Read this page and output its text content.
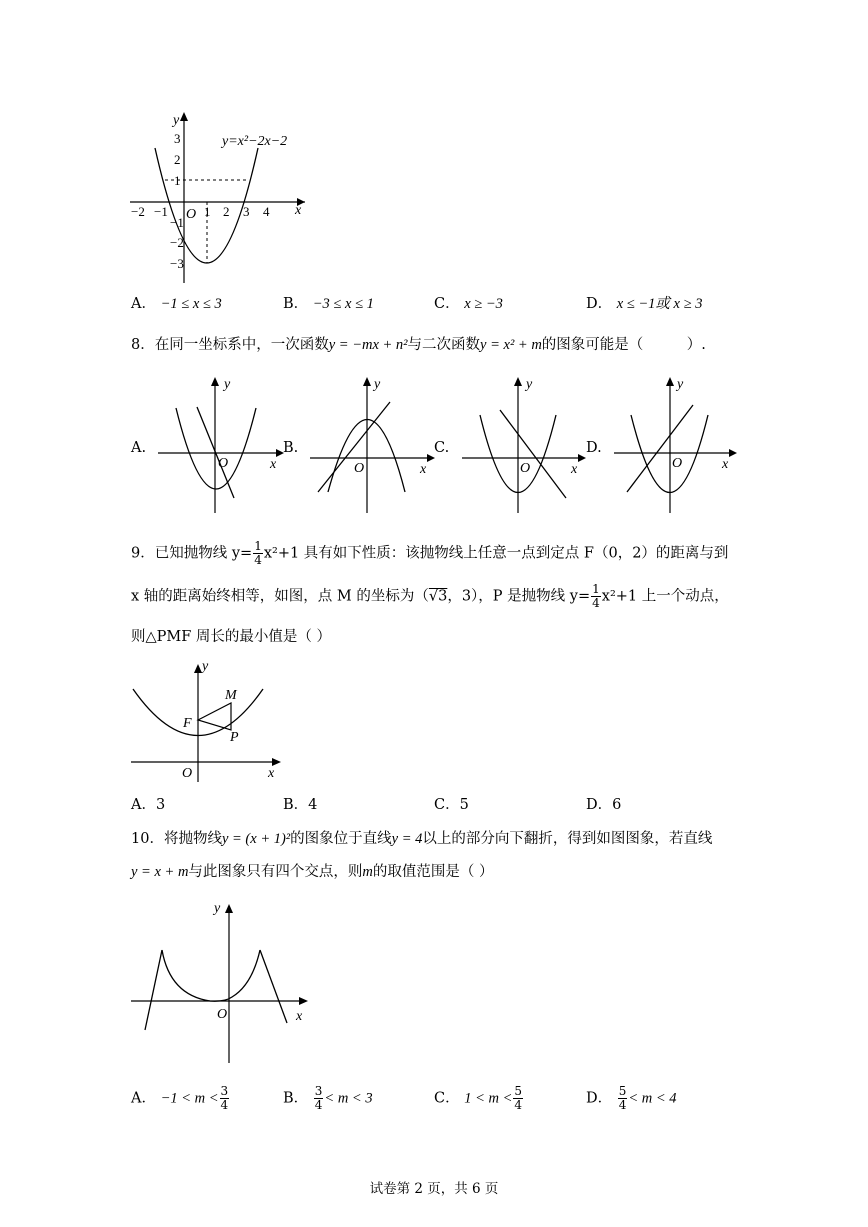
y
x
O
y=x²−2x−2
−2 −1	1 2 3 4
3
2
1
−1
−2
−3
A． −1 ≤ x ≤ 3	B． −3 ≤ x ≤ 1	C． x ≥ −3	D． x ≤ −1或 x ≥ 3
8．在同一坐标系中，一次函数y = −mx + n²与二次函数y = x² + m的图象可能是（　　　）.
A.
y
x
O
B.
y
x
O
C.
y
x
O
D.
y
x
O
9．已知抛物线 $y= \frac{1}{4} x^2+1$ 具有如下性质：该抛物线上任意一点到定点 F（0，2）的距离与到
x 轴的距离始终相等，如图，点 M 的坐标为（√3，3），P 是抛物线 $y= \frac{1}{4} x^2+1$ 上一个动点，
则△PMF 周长的最小值是（ ）
y
x
O
F
M
P
A．3	B．4	C．5	D．6
10．将抛物线y = (x + 1)²的图象位于直线y = 4以上的部分向下翻折，得到如图图象，若直线
y = x + m与此图象只有四个交点，则m的取值范围是（ ）
y
x
O
A． $-1 < m < \frac{3}{4}$	B． $\frac{3}{4} < m < 3$	C． $1 < m < \frac{5}{4}$	D． $\frac{5}{4} < m < 4$
试卷第 2 页，共 6 页
